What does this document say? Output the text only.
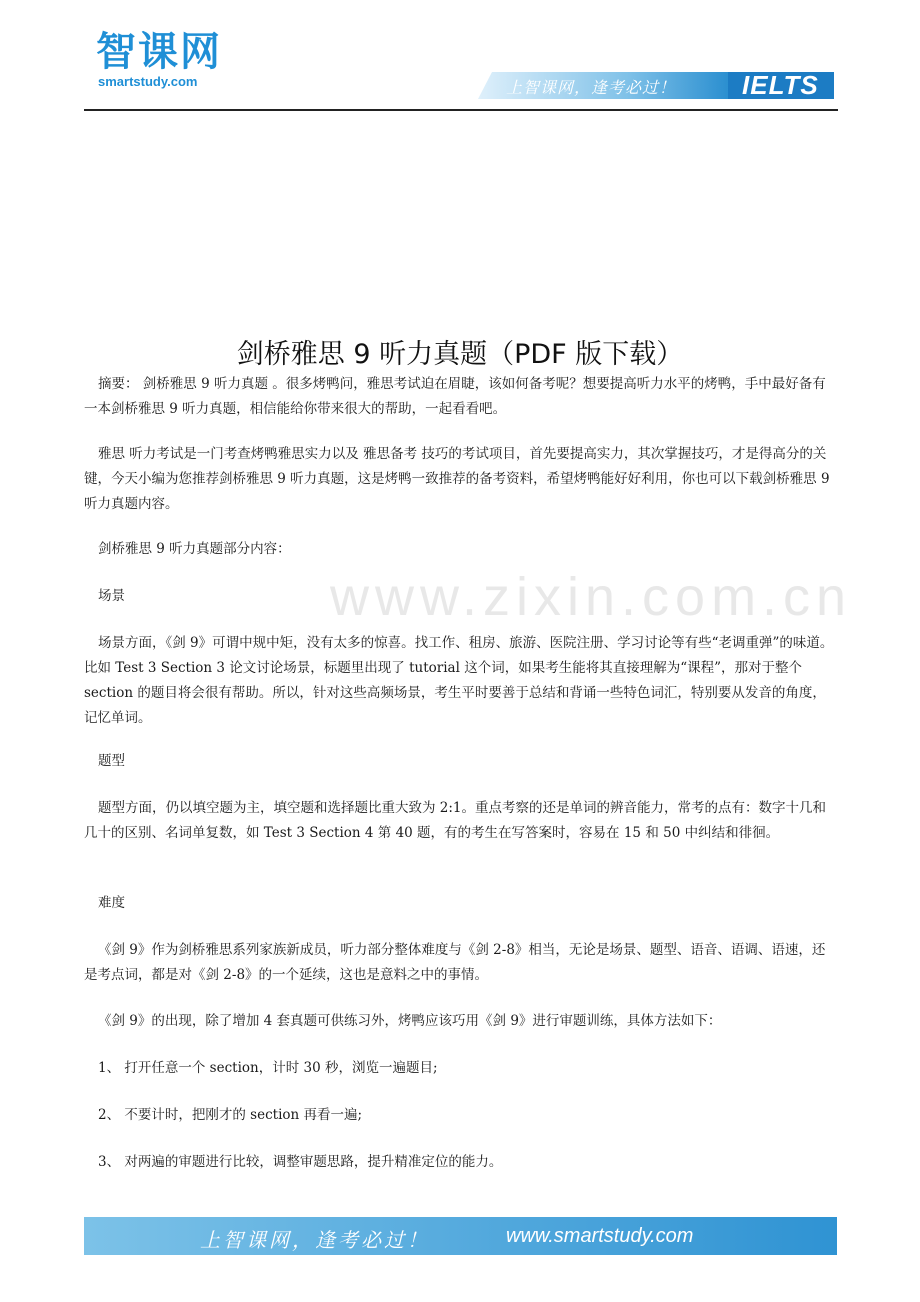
智课网
smartstudy.com	上智课网，逢考必过！	IELTS
www.zixin.com.cn
剑桥雅思 9 听力真题（PDF 版下载）

摘要： 剑桥雅思 9 听力真题 。很多烤鸭问，雅思考试迫在眉睫，该如何备考呢？想要提高听力水平的烤鸭，手中最好备有一本剑桥雅思 9 听力真题，相信能给你带来很大的帮助，一起看看吧。

雅思 听力考试是一门考查烤鸭雅思实力以及 雅思备考 技巧的考试项目，首先要提高实力，其次掌握技巧，才是得高分的关键，今天小编为您推荐剑桥雅思 9 听力真题，这是烤鸭一致推荐的备考资料，希望烤鸭能好好利用，你也可以下载剑桥雅思 9 听力真题内容。

剑桥雅思 9 听力真题部分内容：

场景

场景方面，《剑 9》可谓中规中矩，没有太多的惊喜。找工作、租房、旅游、医院注册、学习讨论等有些“老调重弹”的味道。比如 Test 3 Section 3 论文讨论场景，标题里出现了 tutorial 这个词，如果考生能将其直接理解为“课程”，那对于整个 section 的题目将会很有帮助。所以，针对这些高频场景，考生平时要善于总结和背诵一些特色词汇，特别要从发音的角度，记忆单词。

题型

题型方面，仍以填空题为主，填空题和选择题比重大致为 2:1。重点考察的还是单词的辨音能力，常考的点有：数字十几和几十的区别、名词单复数，如 Test 3 Section 4 第 40 题，有的考生在写答案时，容易在 15 和 50 中纠结和徘徊。

难度

《剑 9》作为剑桥雅思系列家族新成员，听力部分整体难度与《剑 2-8》相当，无论是场景、题型、语音、语调、语速，还是考点词，都是对《剑 2-8》的一个延续，这也是意料之中的事情。

《剑 9》的出现，除了增加 4 套真题可供练习外，烤鸭应该巧用《剑 9》进行审题训练，具体方法如下：

1、 打开任意一个 section，计时 30 秒，浏览一遍题目;

2、 不要计时，把刚才的 section 再看一遍;

3、 对两遍的审题进行比较，调整审题思路，提升精准定位的能力。

上智课网，逢考必过！	www.smartstudy.com
